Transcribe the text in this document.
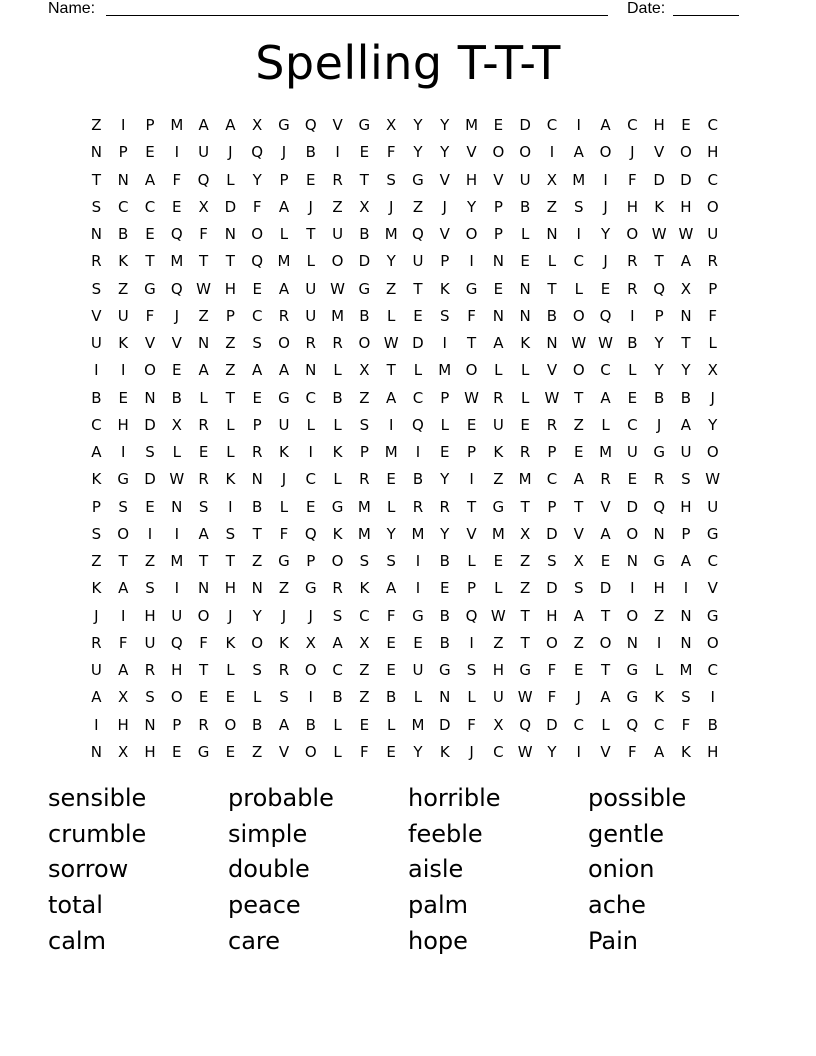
Name:	Date:
Spelling T-T-T
Z I P M A A X G Q V G X Y Y M E D C I A C H E C
N P E I U J Q J B I E F Y Y V O O I A O J V O H
T N A F Q L Y P E R T S G V H V U X M I F D D C
S C C E X D F A J Z X J Z J Y P B Z S J H K H O
N B E Q F N O L T U B M Q V O P L N I Y O W W U
R K T M T T Q M L O D Y U P I N E L C J R T A R
S Z G Q W H E A U W G Z T K G E N T L E R Q X P
V U F J Z P C R U M B L E S F N N B O Q I P N F
U K V V N Z S O R R O W D I T A K N W W B Y T L
I I O E A Z A A N L X T L M O L L V O C L Y Y X
B E N B L T E G C B Z A C P W R L W T A E B B J
C H D X R L P U L L S I Q L E U E R Z L C J A Y
A I S L E L R K I K P M I E P K R P E M U G U O
K G D W R K N J C L R E B Y I Z M C A R E R S W
P S E N S I B L E G M L R R T G T P T V D Q H U
S O I I A S T F Q K M Y M Y V M X D V A O N P G
Z T Z M T T Z G P O S S I B L E Z S X E N G A C
K A S I N H N Z G R K A I E P L Z D S D I H I V
J I H U O J Y J J S C F G B Q W T H A T O Z N G
R F U Q F K O K X A X E E B I Z T O Z O N I N O
U A R H T L S R O C Z E U G S H G F E T G L M C
A X S O E E L S I B Z B L N L U W F J A G K S I
I H N P R O B A B L E L M D F X Q D C L Q C F B
N X H E G E Z V O L F E Y K J C W Y I V F A K H
sensible
crumble
sorrow
total
calm
probable
simple
double
peace
care
horrible
feeble
aisle
palm
hope
possible
gentle
onion
ache
Pain
